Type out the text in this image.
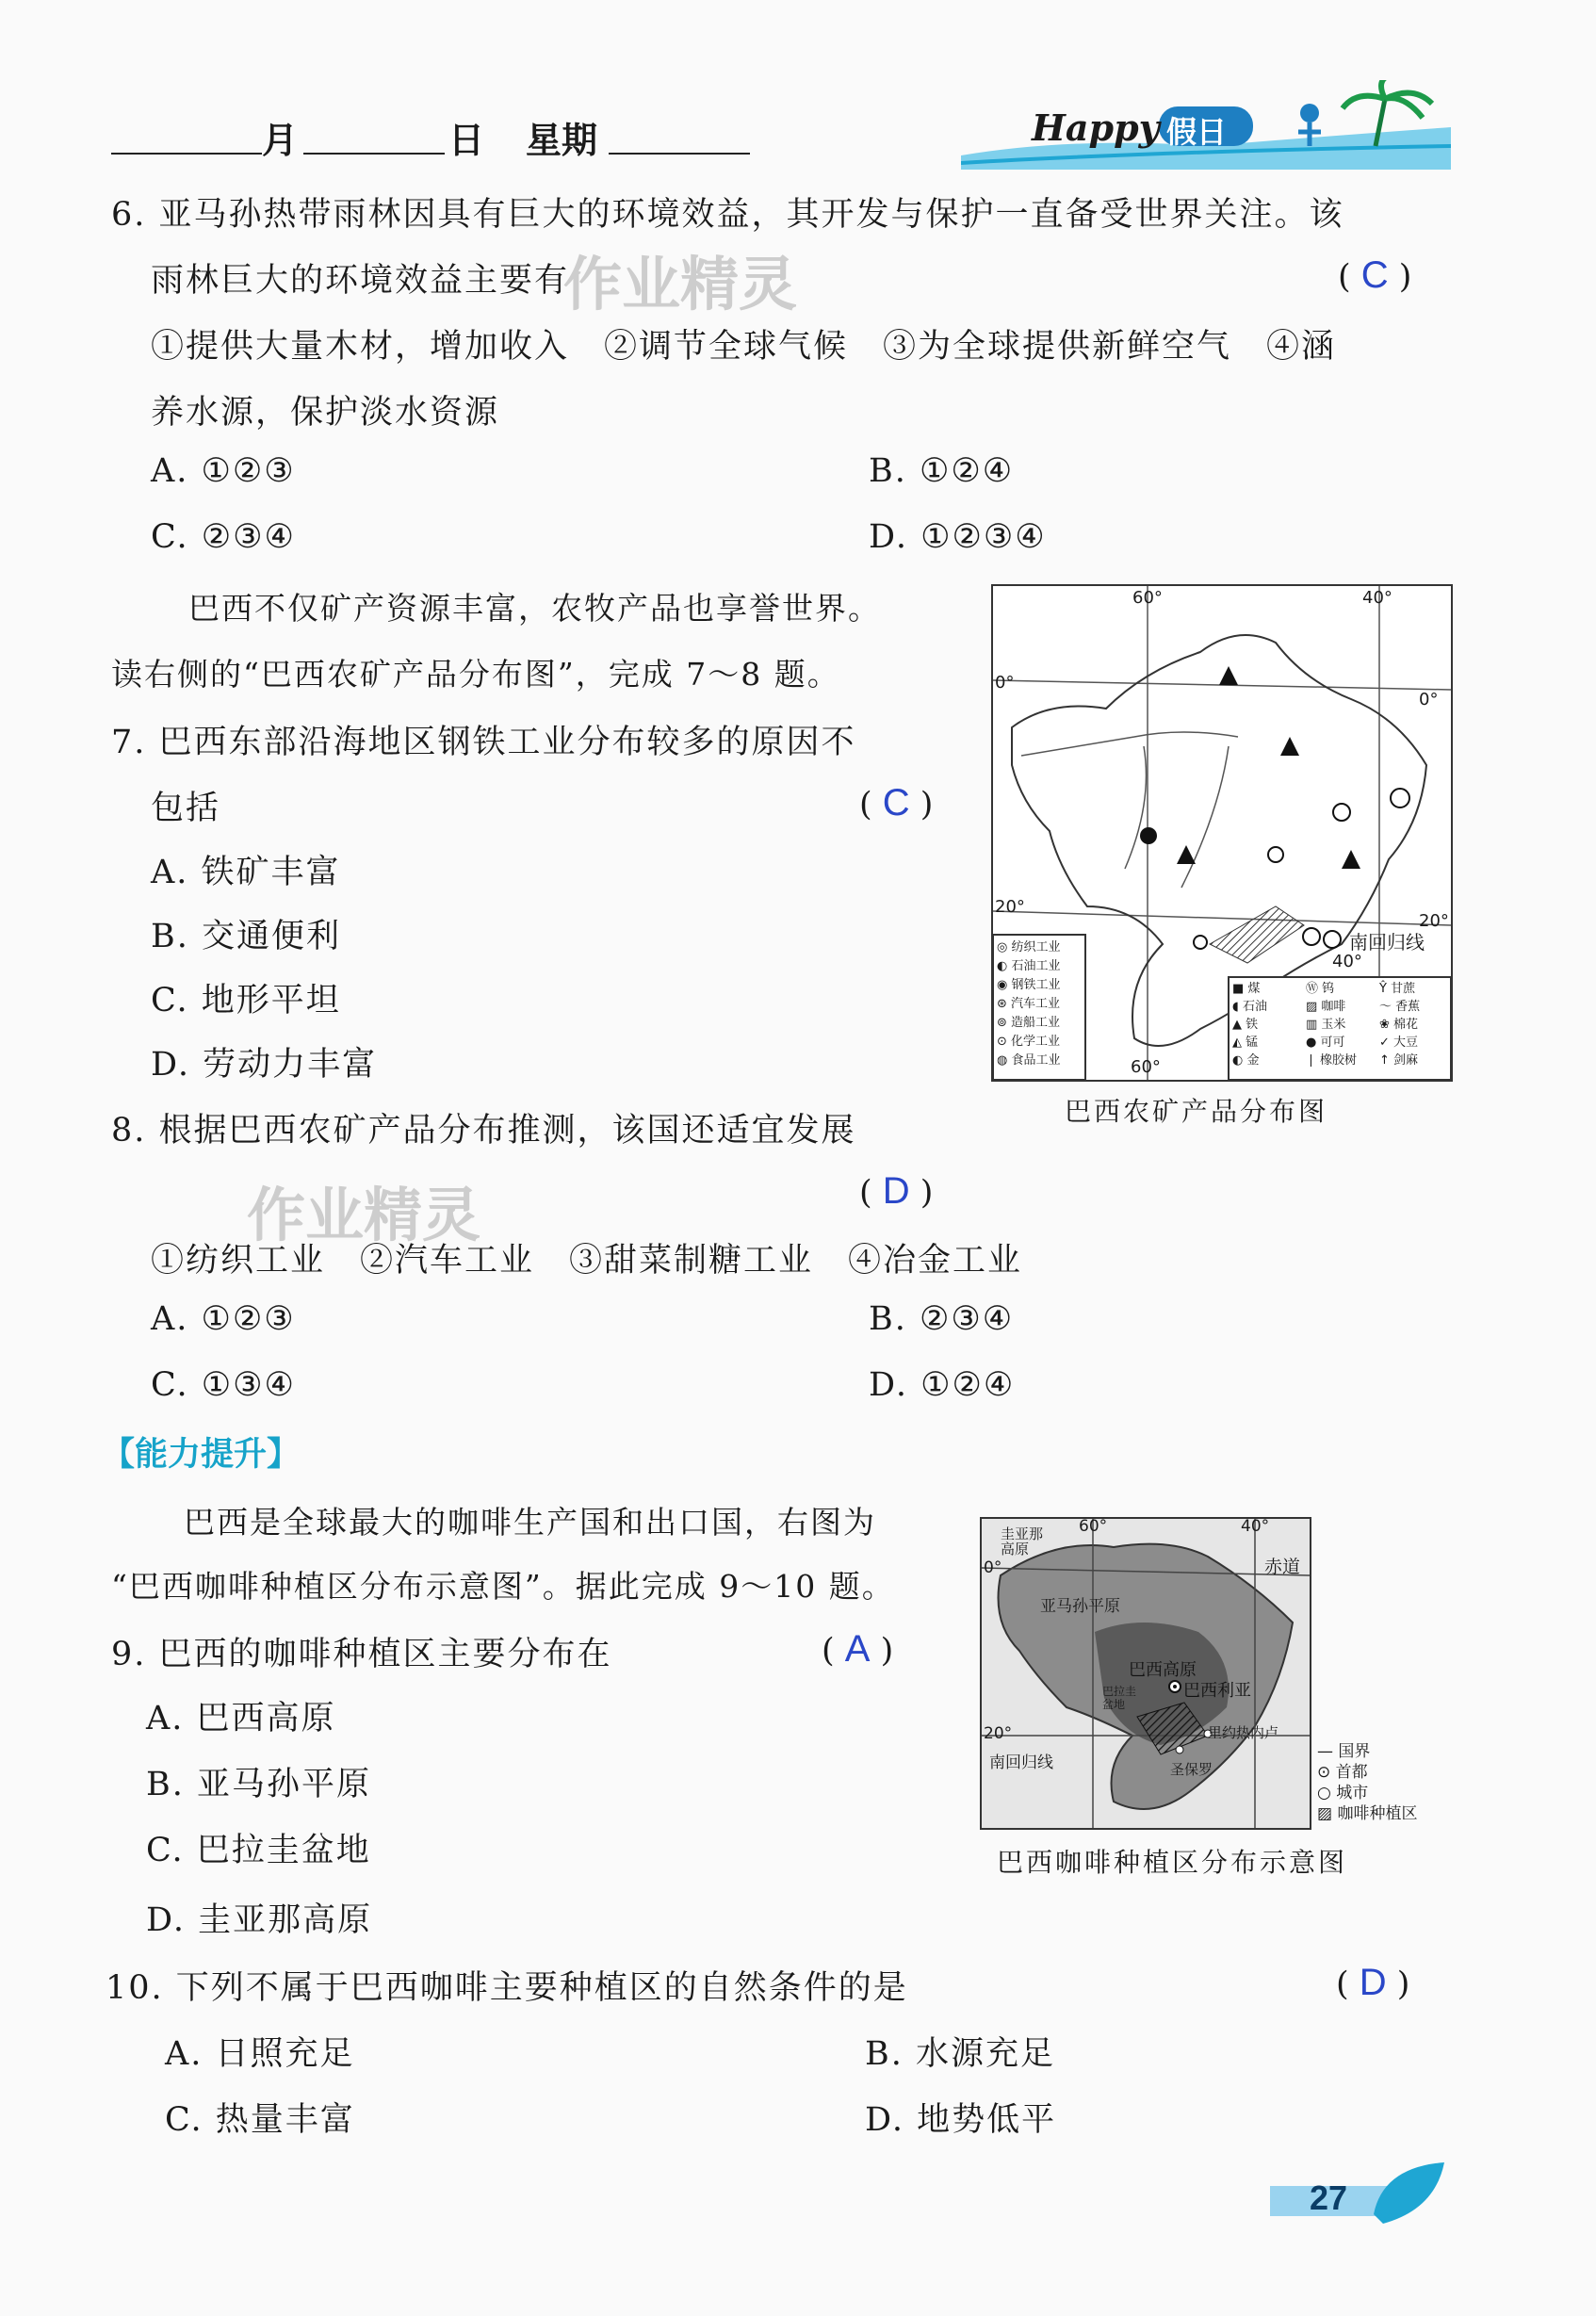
月	日 星期	Happy 假日
作业精灵
作业精灵
6. 亚马孙热带雨林因具有巨大的环境效益，其开发与保护一直备受世界关注。该
雨林巨大的环境效益主要有	( C )
①提供大量木材，增加收入　②调节全球气候　③为全球提供新鲜空气　④涵
养水源，保护淡水资源
A. ①②③	B. ①②④
C. ②③④	D. ①②③④
巴西不仅矿产资源丰富，农牧产品也享誉世界。
读右侧的“巴西农矿产品分布图”，完成 7～8 题。
7. 巴西东部沿海地区钢铁工业分布较多的原因不
包括	( C )
A. 铁矿丰富
B. 交通便利
C. 地形平坦
D. 劳动力丰富
60°	40°
60°
40°
0°
0°
20°
20°
南回归线
◎ 纺织工业
◐ 石油工业
◉ 钢铁工业
⊛ 汽车工业
⊚ 造船工业
⊙ 化学工业
◍ 食品工业
■ 煤	Ⓦ 钨	Ŷ 甘蔗
◖ 石油	▨ 咖啡	〜 香蕉
▲ 铁	▥ 玉米	❀ 棉花
◭ 锰	● 可可	✓ 大豆
◐ 金	❘ 橡胶树	↑ 剑麻
巴西农矿产品分布图
8. 根据巴西农矿产品分布推测，该国还适宜发展
( D )
①纺织工业　②汽车工业　③甜菜制糖工业　④冶金工业
A. ①②③	B. ②③④
C. ①③④	D. ①②④
【能力提升】
巴西是全球最大的咖啡生产国和出口国，右图为
“巴西咖啡种植区分布示意图”。据此完成 9～10 题。
9. 巴西的咖啡种植区主要分布在	( A )
A. 巴西高原
B. 亚马孙平原
C. 巴拉圭盆地
D. 圭亚那高原
60°	40°
0°
20°
圭亚那高原
赤道
亚马孙平原
巴西高原
巴西利亚
巴拉圭盆地
里约热内卢
南回归线	圣保罗
— 国界
⊙ 首都
○ 城市
▨ 咖啡种植区
巴西咖啡种植区分布示意图
10. 下列不属于巴西咖啡主要种植区的自然条件的是	( D )
A. 日照充足	B. 水源充足
C. 热量丰富	D. 地势低平
27
